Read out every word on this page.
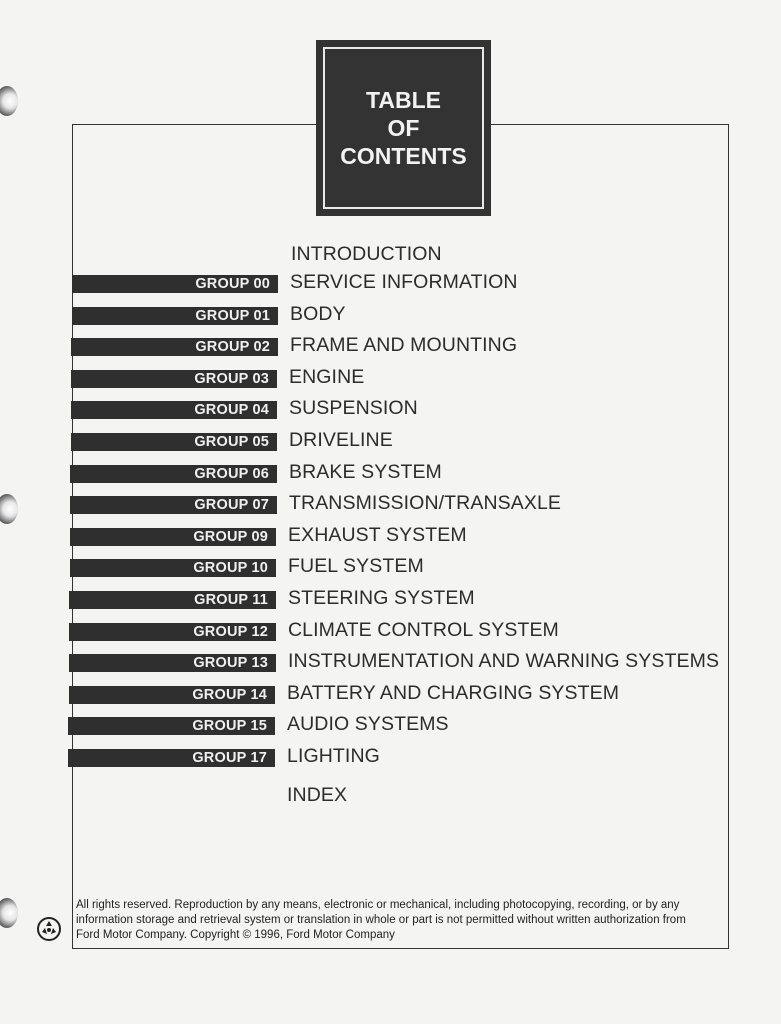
TABLE
OF
CONTENTS
INTRODUCTION
GROUP 00	SERVICE INFORMATION
GROUP 01	BODY
GROUP 02	FRAME AND MOUNTING
GROUP 03	ENGINE
GROUP 04	SUSPENSION
GROUP 05	DRIVELINE
GROUP 06	BRAKE SYSTEM
GROUP 07	TRANSMISSION/TRANSAXLE
GROUP 09	EXHAUST SYSTEM
GROUP 10	FUEL SYSTEM
GROUP 11	STEERING SYSTEM
GROUP 12	CLIMATE CONTROL SYSTEM
GROUP 13	INSTRUMENTATION AND WARNING SYSTEMS
GROUP 14	BATTERY AND CHARGING SYSTEM
GROUP 15	AUDIO SYSTEMS
GROUP 17	LIGHTING
INDEX
All rights reserved. Reproduction by any means, electronic or mechanical, including photocopying, recording, or by any
information storage and retrieval system or translation in whole or part is not permitted without written authorization from
Ford Motor Company. Copyright © 1996, Ford Motor Company
